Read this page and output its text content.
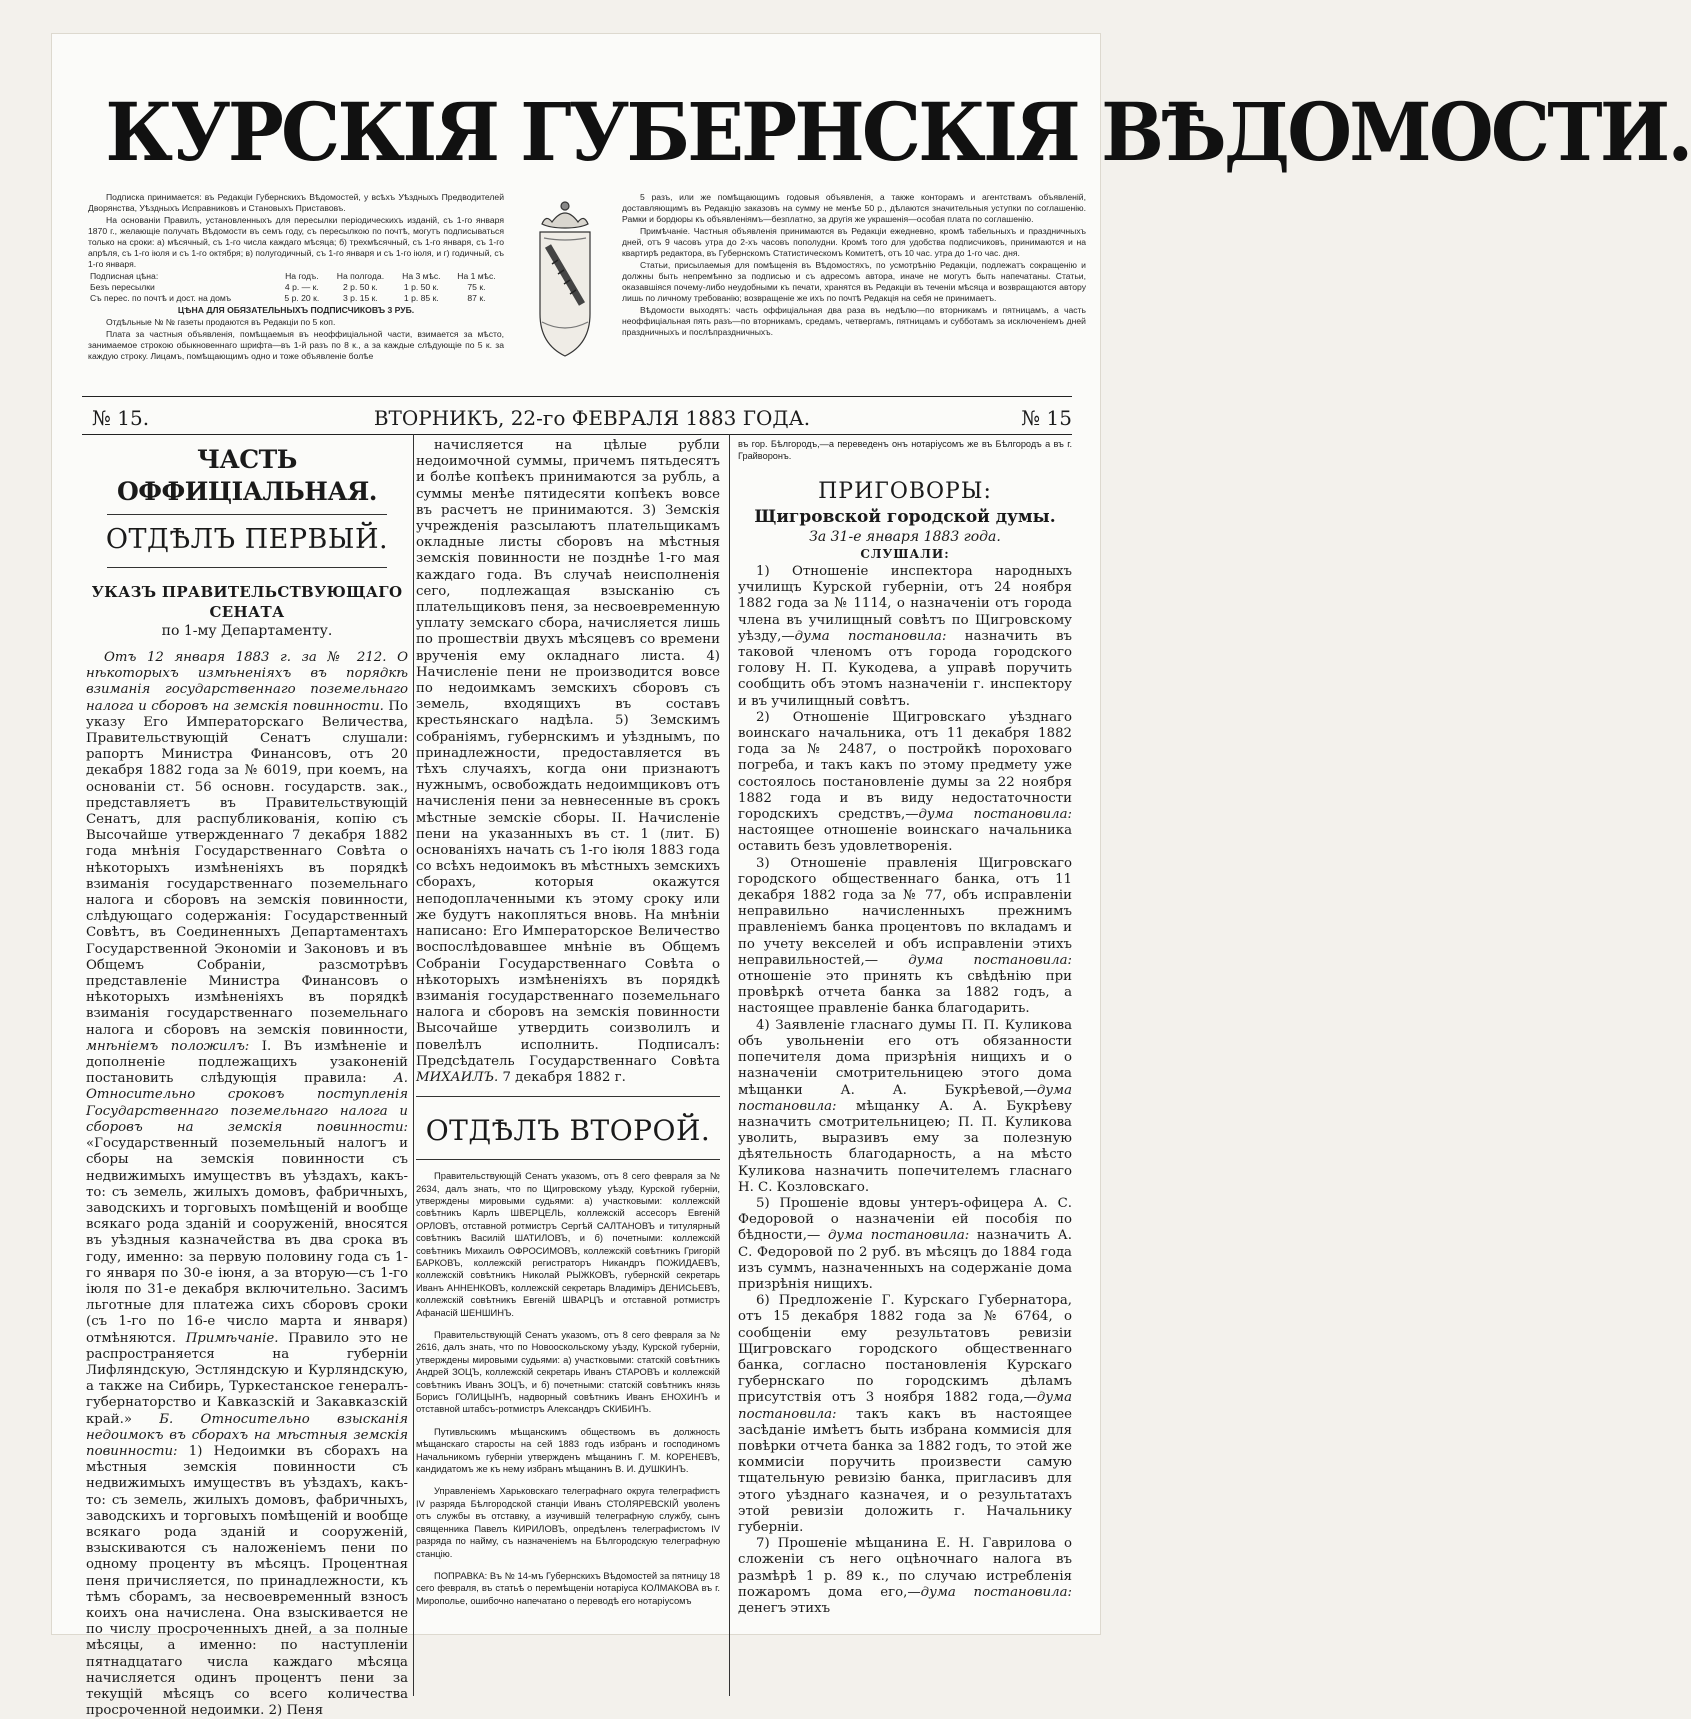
КУРСКІЯ ГУБЕРНСКІЯ ВѢДОМОСТИ.

Подписка принимается: въ Редакціи Губернскихъ Вѣдомостей, у всѣхъ Уѣздныхъ Предводителей Дворянства, Уѣздныхъ Исправниковъ и Становыхъ Приставовъ.

На основаніи Правилъ, установленныхъ для пересылки періодическихъ изданій, съ 1-го января 1870 г., желающіе получать Вѣдомости въ семъ году, съ пересылкою по почтѣ, могутъ подписываться только на сроки: а) мѣсячный, съ 1-го числа каждаго мѣсяца; б) трехмѣсячный, съ 1-го января, съ 1-го апрѣля, съ 1-го іюля и съ 1-го октября; в) полугодичный, съ 1-го января и съ 1-го іюля, и г) годичный, съ 1-го января.

Подписная цѣна:	На годъ.	На полгода.	На 3 мѣс.	На 1 мѣс.
Безъ пересылки	4 р. — к.	2 р. 50 к.	1 р. 50 к.	75 к.
Съ перес. по почтѣ и дост. на домъ	5 р. 20 к.	3 р. 15 к.	1 р. 85 к.	87 к.

ЦѢНА ДЛЯ ОБЯЗАТЕЛЬНЫХЪ ПОДПИСЧИКОВЪ 3 РУБ.

Отдѣльные № № газеты продаются въ Редакціи по 5 коп.

Плата за частныя объявленія, помѣщаемыя въ неоффиціальной части, взимается за мѣсто, занимаемое строкою обыкновеннаго шрифта—въ 1-й разъ по 8 к., а за каждые слѣдующіе по 5 к. за каждую строку. Лицамъ, помѣщающимъ одно и тоже объявленіе болѣе

5 разъ, или же помѣщающимъ годовыя объявленія, а также конторамъ и агентствамъ объявленій, доставляющимъ въ Редакцію заказовъ на сумму не менѣе 50 р., дѣлаются значительныя уступки по соглашенію. Рамки и бордюры къ объявленіямъ—безплатно, за другія же украшенія—особая плата по соглашенію.

Примѣчаніе. Частныя объявленія принимаются въ Редакціи ежедневно, кромѣ табельныхъ и праздничныхъ дней, отъ 9 часовъ утра до 2-хъ часовъ пополудни. Кромѣ того для удобства подписчиковъ, принимаются и на квартирѣ редактора, въ Губернскомъ Статистическомъ Комитетѣ, отъ 10 час. утра до 1-го час. дня.

Статьи, присылаемыя для помѣщенія въ Вѣдомостяхъ, по усмотрѣнію Редакціи, подлежатъ сокращенію и должны быть непремѣнно за подписью и съ адресомъ автора, иначе не могутъ быть напечатаны. Статьи, оказавшіяся почему-либо неудобными къ печати, хранятся въ Редакціи въ теченіи мѣсяца и возвращаются автору лишь по личному требованію; возвращеніе же ихъ по почтѣ Редакція на себя не принимаетъ.

Вѣдомости выходятъ: часть оффиціальная два раза въ недѣлю—по вторникамъ и пятницамъ, а часть неоффиціальная пять разъ—по вторникамъ, средамъ, четвергамъ, пятницамъ и субботамъ за исключеніемъ дней праздничныхъ и послѣпраздничныхъ.

№ 15.	ВТОРНИКЪ, 22-го ФЕВРАЛЯ 1883 ГОДА.	№ 15
ЧАСТЬ ОФФИЦІАЛЬНАЯ.
ОТДѢЛЪ ПЕРВЫЙ.
УКАЗЪ ПРАВИТЕЛЬСТВУЮЩАГО СЕНАТА
по 1-му Департаменту.

Отъ 12 января 1883 г. за № 212. О нѣкоторыхъ измѣненіяхъ въ порядкѣ взиманія государственнаго поземельнаго налога и сборовъ на земскія повинности. По указу Его Императорскаго Величества, Правительствующій Сенатъ слушали: рапортъ Министра Финансовъ, отъ 20 декабря 1882 года за № 6019, при коемъ, на основаніи ст. 56 основн. государств. зак., представляетъ въ Правительствующій Сенатъ, для распубликованія, копію съ Высочайше утвержденнаго 7 декабря 1882 года мнѣнія Государственнаго Совѣта о нѣкоторыхъ измѣненіяхъ въ порядкѣ взиманія государственнаго поземельнаго налога и сборовъ на земскія повинности, слѣдующаго содержанія: Государственный Совѣтъ, въ Соединенныхъ Департаментахъ Государственной Экономіи и Законовъ и въ Общемъ Собраніи, разсмотрѣвъ представленіе Министра Финансовъ о нѣкоторыхъ измѣненіяхъ въ порядкѣ взиманія государственнаго поземельнаго налога и сборовъ на земскія повинности, мнѣніемъ положилъ: I. Въ измѣненіе и дополненіе подлежащихъ узаконеній постановить слѣдующія правила: А. Относительно сроковъ поступленія Государственнаго поземельнаго налога и сборовъ на земскія повинности: «Государственный поземельный налогъ и сборы на земскія повинности съ недвижимыхъ имуществъ въ уѣздахъ, какъ-то: съ земель, жилыхъ домовъ, фабричныхъ, заводскихъ и торговыхъ помѣщеній и вообще всякаго рода зданій и сооруженій, вносятся въ уѣздныя казначейства въ два срока въ году, именно: за первую половину года съ 1-го января по 30-е іюня, а за вторую—съ 1-го іюля по 31-е декабря включительно. Засимъ льготные для платежа сихъ сборовъ сроки (съ 1-го по 16-е число марта и января) отмѣняются. Примѣчаніе. Правило это не распространяется на губерніи Лифляндскую, Эстляндскую и Курляндскую, а также на Сибирь, Туркестанское генералъ-губернаторство и Кавказскій и Закавказскій край.» Б. Относительно взысканія недоимокъ въ сборахъ на мѣстныя земскія повинности: 1) Недоимки въ сборахъ на мѣстныя земскія повинности съ недвижимыхъ имуществъ въ уѣздахъ, какъ-то: съ земель, жилыхъ домовъ, фабричныхъ, заводскихъ и торговыхъ помѣщеній и вообще всякаго рода зданій и сооруженій, взыскиваются съ наложеніемъ пени по одному проценту въ мѣсяцъ. Процентная пеня причисляется, по принадлежности, къ тѣмъ сборамъ, за несвоевременный взносъ коихъ она начислена. Она взыскивается не по числу просроченныхъ дней, а за полные мѣсяцы, а именно: по наступленіи пятнадцатаго числа каждаго мѣсяца начисляется одинъ процентъ пени за текущій мѣсяцъ со всего количества просроченной недоимки. 2) Пеня

начисляется на цѣлые рубли недоимочной суммы, причемъ пятьдесятъ и болѣе копѣекъ принимаются за рубль, а суммы менѣе пятидесяти копѣекъ вовсе въ расчетъ не принимаются. 3) Земскія учрежденія разсылаютъ плательщикамъ окладные листы сборовъ на мѣстныя земскія повинности не позднѣе 1-го мая каждаго года. Въ случаѣ неисполненія сего, подлежащая взысканію съ плательщиковъ пеня, за несвоевременную уплату земскаго сбора, начисляется лишь по прошествіи двухъ мѣсяцевъ со времени врученія ему окладнаго листа. 4) Начисленіе пени не производится вовсе по недоимкамъ земскихъ сборовъ съ земель, входящихъ въ составъ крестьянскаго надѣла. 5) Земскимъ собраніямъ, губернскимъ и уѣзднымъ, по принадлежности, предоставляется въ тѣхъ случаяхъ, когда они признаютъ нужнымъ, освобождать недоимщиковъ отъ начисленія пени за невнесенные въ срокъ мѣстные земскіе сборы. II. Начисленіе пени на указанныхъ въ ст. 1 (лит. Б) основаніяхъ начать съ 1-го іюля 1883 года со всѣхъ недоимокъ въ мѣстныхъ земскихъ сборахъ, которыя окажутся неподоплаченными къ этому сроку или же будутъ накопляться вновь. На мнѣніи написано: Его Императорское Величество воспослѣдовавшее мнѣніе въ Общемъ Собраніи Государственнаго Совѣта о нѣкоторыхъ измѣненіяхъ въ порядкѣ взиманія государственнаго поземельнаго налога и сборовъ на земскія повинности Высочайше утвердить соизволилъ и повелѣлъ исполнить. Подписалъ: Предсѣдатель Государственнаго Совѣта МИХАИЛЪ. 7 декабря 1882 г.

ОТДѢЛЪ ВТОРОЙ.

Правительствующій Сенатъ указомъ, отъ 8 сего февраля за № 2634, далъ знать, что по Щигровскому уѣзду, Курской губерніи, утверждены мировыми судьями: а) участковыми: коллежскій совѣтникъ Карлъ ШВЕРЦЕЛЬ, коллежскій ассесоръ Евгеній ОРЛОВЪ, отставной ротмистръ Сергѣй САЛТАНОВЪ и титулярный совѣтникъ Василій ШАТИЛОВЪ, и б) почетными: коллежскій совѣтникъ Михаилъ ОФРОСИМОВЪ, коллежскій совѣтникъ Григорій БАРКОВЪ, коллежскій регистраторъ Никандръ ПОЖИДАЕВЪ, коллежскій совѣтникъ Николай РЫЖКОВЪ, губернскій секретарь Иванъ АННЕНКОВЪ, коллежскій секретарь Владиміръ ДЕНИСЬЕВЪ, коллежскій совѣтникъ Евгеній ШВАРЦЪ и отставной ротмистръ Афанасій ШЕНШИНЪ.

Правительствующій Сенатъ указомъ, отъ 8 сего февраля за № 2616, далъ знать, что по Новооскольскому уѣзду, Курской губерніи, утверждены мировыми судьями: а) участковыми: статскій совѣтникъ Андрей ЗОЦЪ, коллежскій секретарь Иванъ СТАРОВЪ и коллежскій совѣтникъ Иванъ ЗОЦЪ, и б) почетными: статскій совѣтникъ князь Борисъ ГОЛИЦЫНЪ, надворный совѣтникъ Иванъ ЕНОХИНЪ и отставной штабсъ-ротмистръ Александръ СКИБИНЪ.

Путивльскимъ мѣщанскимъ обществомъ въ должность мѣщанскаго старосты на сей 1883 годъ избранъ и господиномъ Начальникомъ губерніи утвержденъ мѣщанинъ Г. М. КОРЕНЕВЪ, кандидатомъ же къ нему избранъ мѣщанинъ В. И. ДУШКИНЪ.

Управленіемъ Харьковскаго телеграфнаго округа телеграфистъ IV разряда Бѣлгородской станціи Иванъ СТОЛЯРЕВСКІЙ уволенъ отъ службы въ отставку, а изучившій телеграфную службу, сынъ священника Павелъ КИРИЛОВЪ, опредѣленъ телеграфистомъ IV разряда по найму, съ назначеніемъ на Бѣлгородскую телеграфную станцію.

ПОПРАВКА: Въ № 14-мъ Губернскихъ Вѣдомостей за пятницу 18 сего февраля, въ статьѣ о перемѣщеніи нотаріуса КОЛМАКОВА въ г. Мирополье, ошибочно напечатано о переводѣ его нотаріусомъ

въ гор. Бѣлгородъ,—а переведенъ онъ нотаріусомъ же въ Бѣлгородъ а въ г. Грайворонъ.
ПРИГОВОРЫ:
Щигровской городской думы.
За 31-е января 1883 года.
СЛУШАЛИ:

1) Отношеніе инспектора народныхъ училищъ Курской губерніи, отъ 24 ноября 1882 года за № 1114, о назначеніи отъ города члена въ училищный совѣтъ по Щигровскому уѣзду,—дума постановила: назначить въ таковой членомъ отъ города городского голову Н. П. Кукодева, а управѣ поручить сообщить объ этомъ назначеніи г. инспектору и въ училищный совѣтъ.

2) Отношеніе Щигровскаго уѣзднаго воинскаго начальника, отъ 11 декабря 1882 года за № 2487, о постройкѣ пороховаго погреба, и такъ какъ по этому предмету уже состоялось постановленіе думы за 22 ноября 1882 года и въ виду недостаточности городскихъ средствъ,—дума постановила: настоящее отношеніе воинскаго начальника оставить безъ удовлетворенія.

3) Отношеніе правленія Щигровскаго городского общественнаго банка, отъ 11 декабря 1882 года за № 77, объ исправленіи неправильно начисленныхъ прежнимъ правленіемъ банка процентовъ по вкладамъ и по учету векселей и объ исправленіи этихъ неправильностей,— дума постановила: отношеніе это принять къ свѣдѣнію при провѣркѣ отчета банка за 1882 годъ, а настоящее правленіе банка благодарить.

4) Заявленіе гласнаго думы П. П. Куликова объ увольненіи его отъ обязанности попечителя дома призрѣнія нищихъ и о назначеніи смотрительницею этого дома мѣщанки А. А. Букрѣевой,—дума постановила: мѣщанку А. А. Букрѣеву назначить смотрительницею; П. П. Куликова уволить, выразивъ ему за полезную дѣятельность благодарность, а на мѣсто Куликова назначить попечителемъ гласнаго Н. С. Козловскаго.

5) Прошеніе вдовы унтеръ-офицера А. С. Федоровой о назначеніи ей пособія по бѣдности,— дума постановила: назначить А. С. Федоровой по 2 руб. въ мѣсяцъ до 1884 года изъ суммъ, назначенныхъ на содержаніе дома призрѣнія нищихъ.

6) Предложеніе Г. Курскаго Губернатора, отъ 15 декабря 1882 года за № 6764, о сообщеніи ему результатовъ ревизіи Щигровскаго городского общественнаго банка, согласно постановленія Курскаго губернскаго по городскимъ дѣламъ присутствія отъ 3 ноября 1882 года,—дума постановила: такъ какъ въ настоящее засѣданіе имѣетъ быть избрана коммисія для повѣрки отчета банка за 1882 годъ, то этой же коммисіи поручить произвести самую тщательную ревизію банка, пригласивъ для этого уѣзднаго казначея, и о результатахъ этой ревизіи доложить г. Начальнику губерніи.

7) Прошеніе мѣщанина Е. Н. Гаврилова о сложеніи съ него оцѣночнаго налога въ размѣрѣ 1 р. 89 к., по случаю истребленія пожаромъ дома его,—дума постановила: денегъ этихъ
